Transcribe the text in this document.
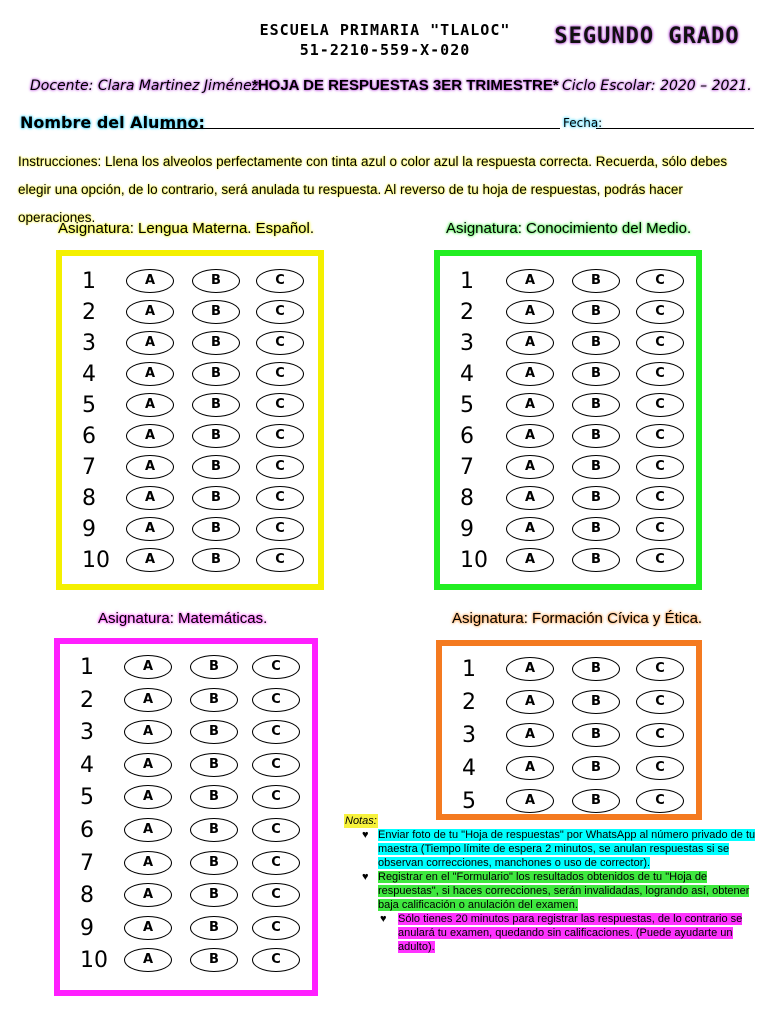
ESCUELA PRIMARIA "TLALOC"
51-2210-559-X-020
SEGUNDO GRADO
Docente: Clara Martinez Jiménez
*HOJA DE RESPUESTAS 3ER TRIMESTRE* Ciclo Escolar: 2020 – 2021.
Nombre del Alumno:	Fecha:
Instrucciones: Llena los alveolos perfectamente con tinta azul o color azul la respuesta correcta. Recuerda, sólo debes elegir una opción, de lo contrario, será anulada tu respuesta. Al reverso de tu hoja de respuestas, podrás hacer operaciones.
Asignatura: Lengua Materna. Español.	Asignatura: Conocimiento del Medio.
Asignatura: Matemáticas.	Asignatura: Formación Cívica y Ética.
1	A	B	C
2	A	B	C
3	A	B	C
4	A	B	C
5	A	B	C
6	A	B	C
7	A	B	C
8	A	B	C
9	A	B	C
10	A	B	C
1	A	B	C
2	A	B	C
3	A	B	C
4	A	B	C
5	A	B	C
6	A	B	C
7	A	B	C
8	A	B	C
9	A	B	C
10	A	B	C
1	A	B	C
2	A	B	C
3	A	B	C
4	A	B	C
5	A	B	C
6	A	B	C
7	A	B	C
8	A	B	C
9	A	B	C
10	A	B	C
1	A	B	C
2	A	B	C
3	A	B	C
4	A	B	C
5	A	B	C
Notas:

♥ Enviar foto de tu "Hoja de respuestas" por WhatsApp al número privado de tu maestra (Tiempo límite de espera 2 minutos, se anulan respuestas si se observan correcciones, manchones o uso de corrector).

♥ Registrar en el "Formulario" los resultados obtenidos de tu "Hoja de respuestas", si haces correcciones, serán invalidadas, logrando así, obtener baja calificación o anulación del examen.

♥ Sólo tienes 20 minutos para registrar las respuestas, de lo contrario se anulará tu examen, quedando sin calificaciones. (Puede ayudarte un adulto).
